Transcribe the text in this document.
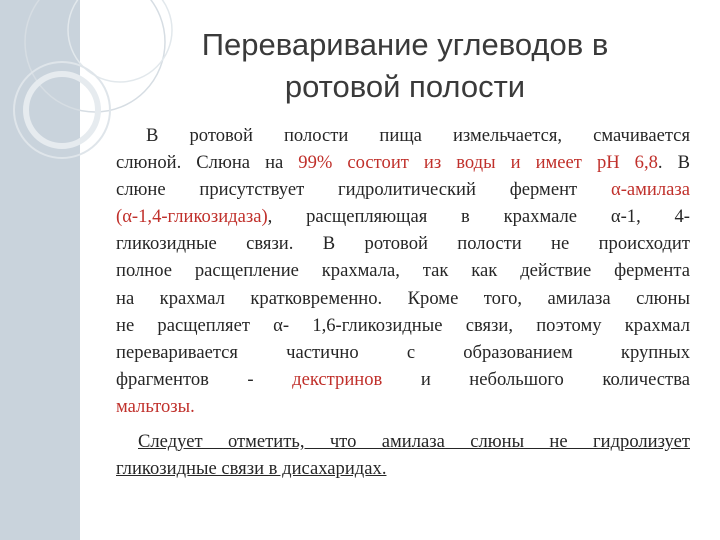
Переваривание углеводов в
ротовой полости
В ротовой полости пища измельчается, смачивается
слюной. Слюна на 99% состоит из воды и имеет рН 6,8. В
слюне присутствует гидролитический фермент α-амилаза
(α-1,4-гликозидаза), расщепляющая в крахмале α-1, 4-
гликозидные связи. В ротовой полости не происходит
полное расщепление крахмала, так как действие фермента
на крахмал кратковременно. Кроме того, амилаза слюны
не расщепляет α- 1,6-гликозидные связи, поэтому крахмал
переваривается частично с образованием крупных
фрагментов - декстринов и небольшого количества
мальтозы.
Следует отметить, что амилаза слюны не гидролизует
гликозидные связи в дисахаридах.
